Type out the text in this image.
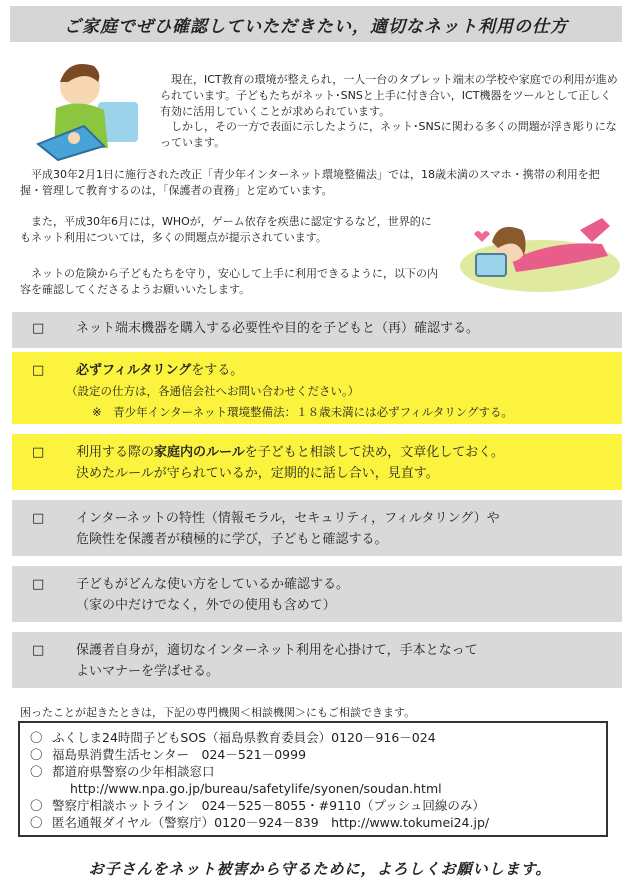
ご家庭でぜひ確認していただきたい，適切なネット利用の仕方
現在，ICT教育の環境が整えられ，一人一台のタブレット端末の学校や家庭での利用が進められています。子どもたちがネット･SNSと上手に付き合い，ICT機器をツールとして正しく有効に活用していくことが求められています。
しかし，その一方で表面に示したように，ネット･SNSに関わる多くの問題が浮き彫りになっています。
平成30年2月1日に施行された改正「青少年インターネット環境整備法」では，18歳未満のスマホ・携帯の利用を把握・管理して教育するのは，「保護者の責務」と定めています。
また，平成30年6月には，WHOが，ゲーム依存を疾患に認定するなど，世界的にもネット利用については，多くの問題点が提示されています。
ネットの危険から子どもたちを守り，安心して上手に利用できるように，以下の内容を確認してくださるようお願いいたします。
□	ネット端末機器を購入する必要性や目的を子どもと（再）確認する。
□	必ずフィルタリングをする。
（設定の仕方は，各通信会社へお問い合わせください。）
※　青少年インターネット環境整備法：１８歳未満には必ずフィルタリングする。
□	利用する際の家庭内のルールを子どもと相談して決め，文章化しておく。
決めたルールが守られているか，定期的に話し合い，見直す。
□	インターネットの特性（情報モラル，セキュリティ，フィルタリング）や
危険性を保護者が積極的に学び，子どもと確認する。
□	子どもがどんな使い方をしているか確認する。
（家の中だけでなく，外での使用も含めて）
□	保護者自身が，適切なインターネット利用を心掛けて，手本となって
よいマナーを学ばせる。
困ったことが起きたときは，下記の専門機関＜相談機関＞にもご相談できます。
〇 ふくしま24時間子どもSOS（福島県教育委員会）0120－916－024
〇 福島県消費生活センター　024－521－0999
〇 都道府県警察の少年相談窓口
http://www.npa.go.jp/bureau/safetylife/syonen/soudan.html
〇 警察庁相談ホットライン　024－525－8055・#9110（プッシュ回線のみ）
〇 匿名通報ダイヤル（警察庁）0120－924－839　http://www.tokumei24.jp/
お子さんをネット被害から守るために，よろしくお願いします。
